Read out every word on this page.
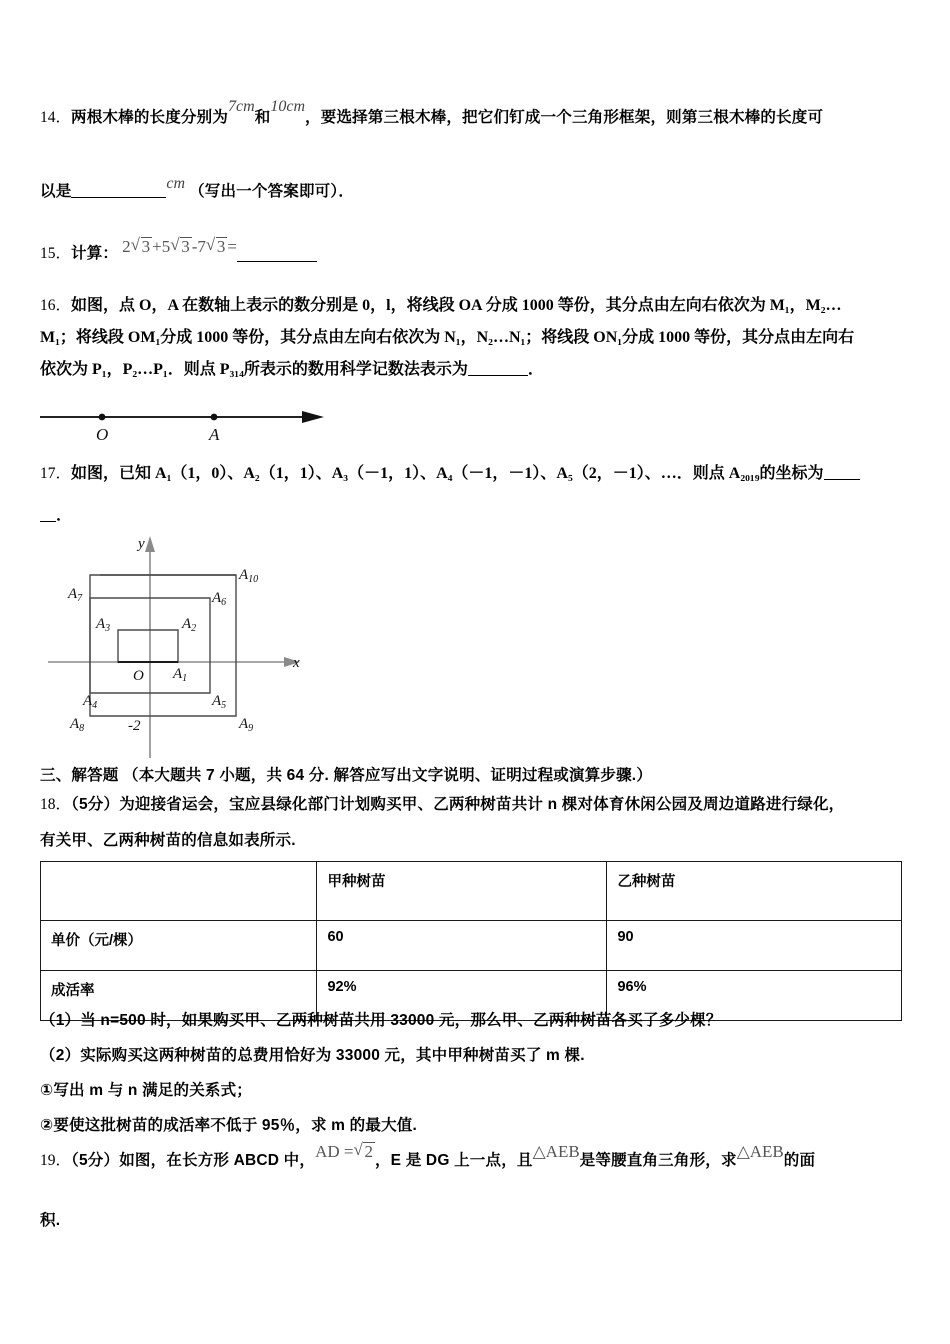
14．两根木棒的长度分别为7cm和10cm，要选择第三根木棒，把它们钉成一个三角形框架，则第三根木棒的长度可
以是	cm （写出一个答案即可）．
15．计算： 2 √ 3 +5 √ 3 -7 √ 3 =
16．如图，点 O，A 在数轴上表示的数分别是 0，l，将线段 OA 分成 1000 等份，其分点由左向右依次为 M₁，M₂…
M₁；将线段 OM₁分成 1000 等份，其分点由左向右依次为 N₁，N₂…N₁；将线段 ON₁分成 1000 等份，其分点由左向右
依次为 P₁，P₂…P₁．则点 P₃₁₄所表示的数用科学记数法表示为	．
O	A
17．如图，已知 A₁（1，0）、A₂（1，1）、A₃（－1，1）、A₄（－1，－1）、A₅（2，－1）、…．则点 A₂₀₁₉的坐标为
．
$A_1$
$A_2$
$A_3$
$A_4$	$A_5$
$A_6$
$A_7$
$A_8$	$A_9$
$A_{10}$
O
x
y
-2
三、解答题 （本大题共 7 小题，共 64 分. 解答应写出文字说明、证明过程或演算步骤.）
18．（5分）为迎接省运会，宝应县绿化部门计划购买甲、乙两种树苗共计 n 棵对体育休闲公园及周边道路进行绿化，
有关甲、乙两种树苗的信息如表所示.
	甲种树苗	乙种树苗
单价（元/棵）	60	90
成活率	92%	96%
（1）当 n=500 时，如果购买甲、乙两种树苗共用 33000 元，那么甲、乙两种树苗各买了多少棵？
（2）实际购买这两种树苗的总费用恰好为 33000 元，其中甲种树苗买了 m 棵.
①写出 m 与 n 满足的关系式；
②要使这批树苗的成活率不低于 95％，求 m 的最大值.
19．（5分）如图，在长方形 ABCD 中，AD = √ 2 ，E 是 DG 上一点，且△AEB是等腰直角三角形，求△AEB的面
积.
